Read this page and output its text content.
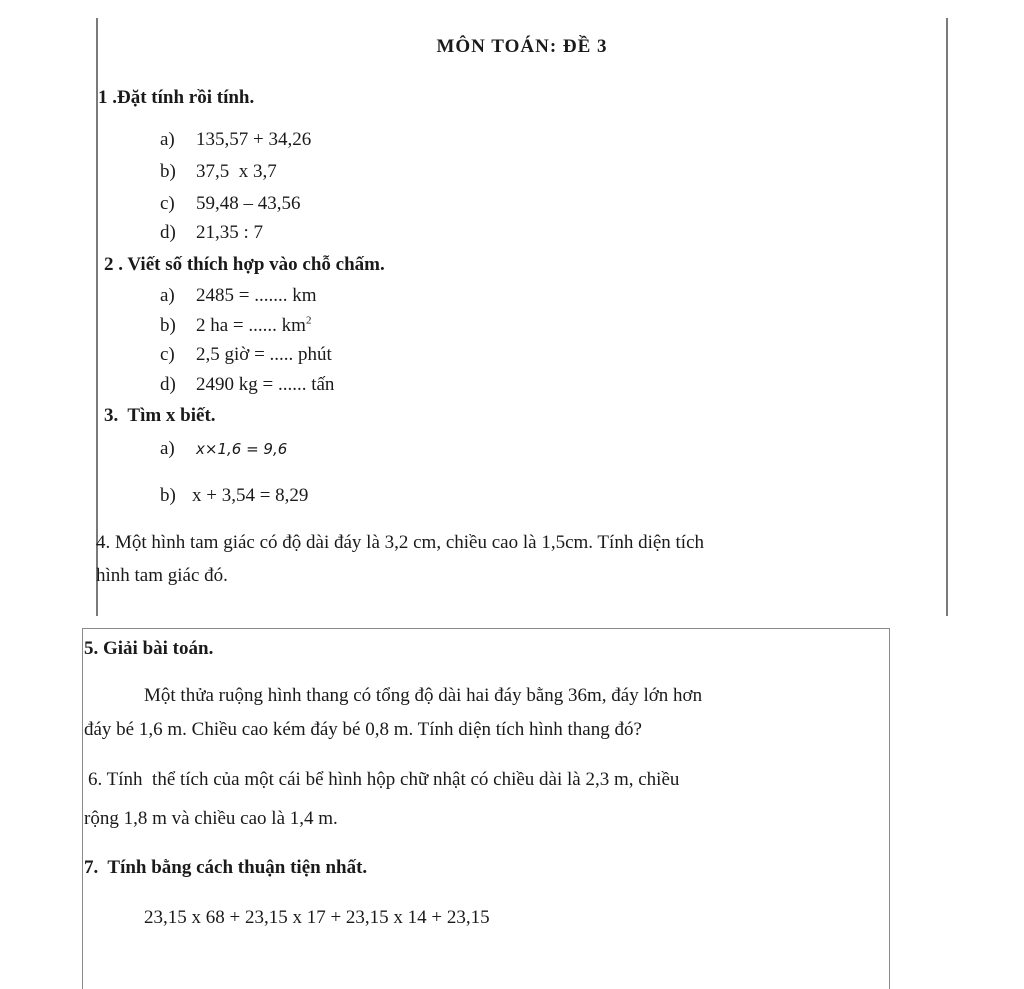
MÔN TOÁN: ĐỀ 3
1 .Đặt tính rồi tính.
a) 135,57 + 34,26
b) 37,5  x 3,7
c) 59,48 – 43,56
d) 21,35 : 7
2 . Viết số thích hợp vào chỗ chấm.
a) 2485 = ....... km
b) 2 ha = ...... $km^2$
c) 2,5 giờ = ..... phút
d) 2490 kg = ...... tấn
3.  Tìm x biết.
a) x×1,6 = 9,6
b) x + 3,54 = 8,29
4. Một hình tam giác có độ dài đáy là 3,2 cm, chiều cao là 1,5cm. Tính diện tích
hình tam giác đó.
5. Giải bài toán.
Một thửa ruộng hình thang có tổng độ dài hai đáy bằng 36m, đáy lớn hơn
đáy bé 1,6 m. Chiều cao kém đáy bé 0,8 m. Tính diện tích hình thang đó?
6. Tính  thể tích của một cái bể hình hộp chữ nhật có chiều dài là 2,3 m, chiều
rộng 1,8 m và chiều cao là 1,4 m.
7.  Tính bằng cách thuận tiện nhất.
23,15 x 68 + 23,15 x 17 + 23,15 x 14 + 23,15
